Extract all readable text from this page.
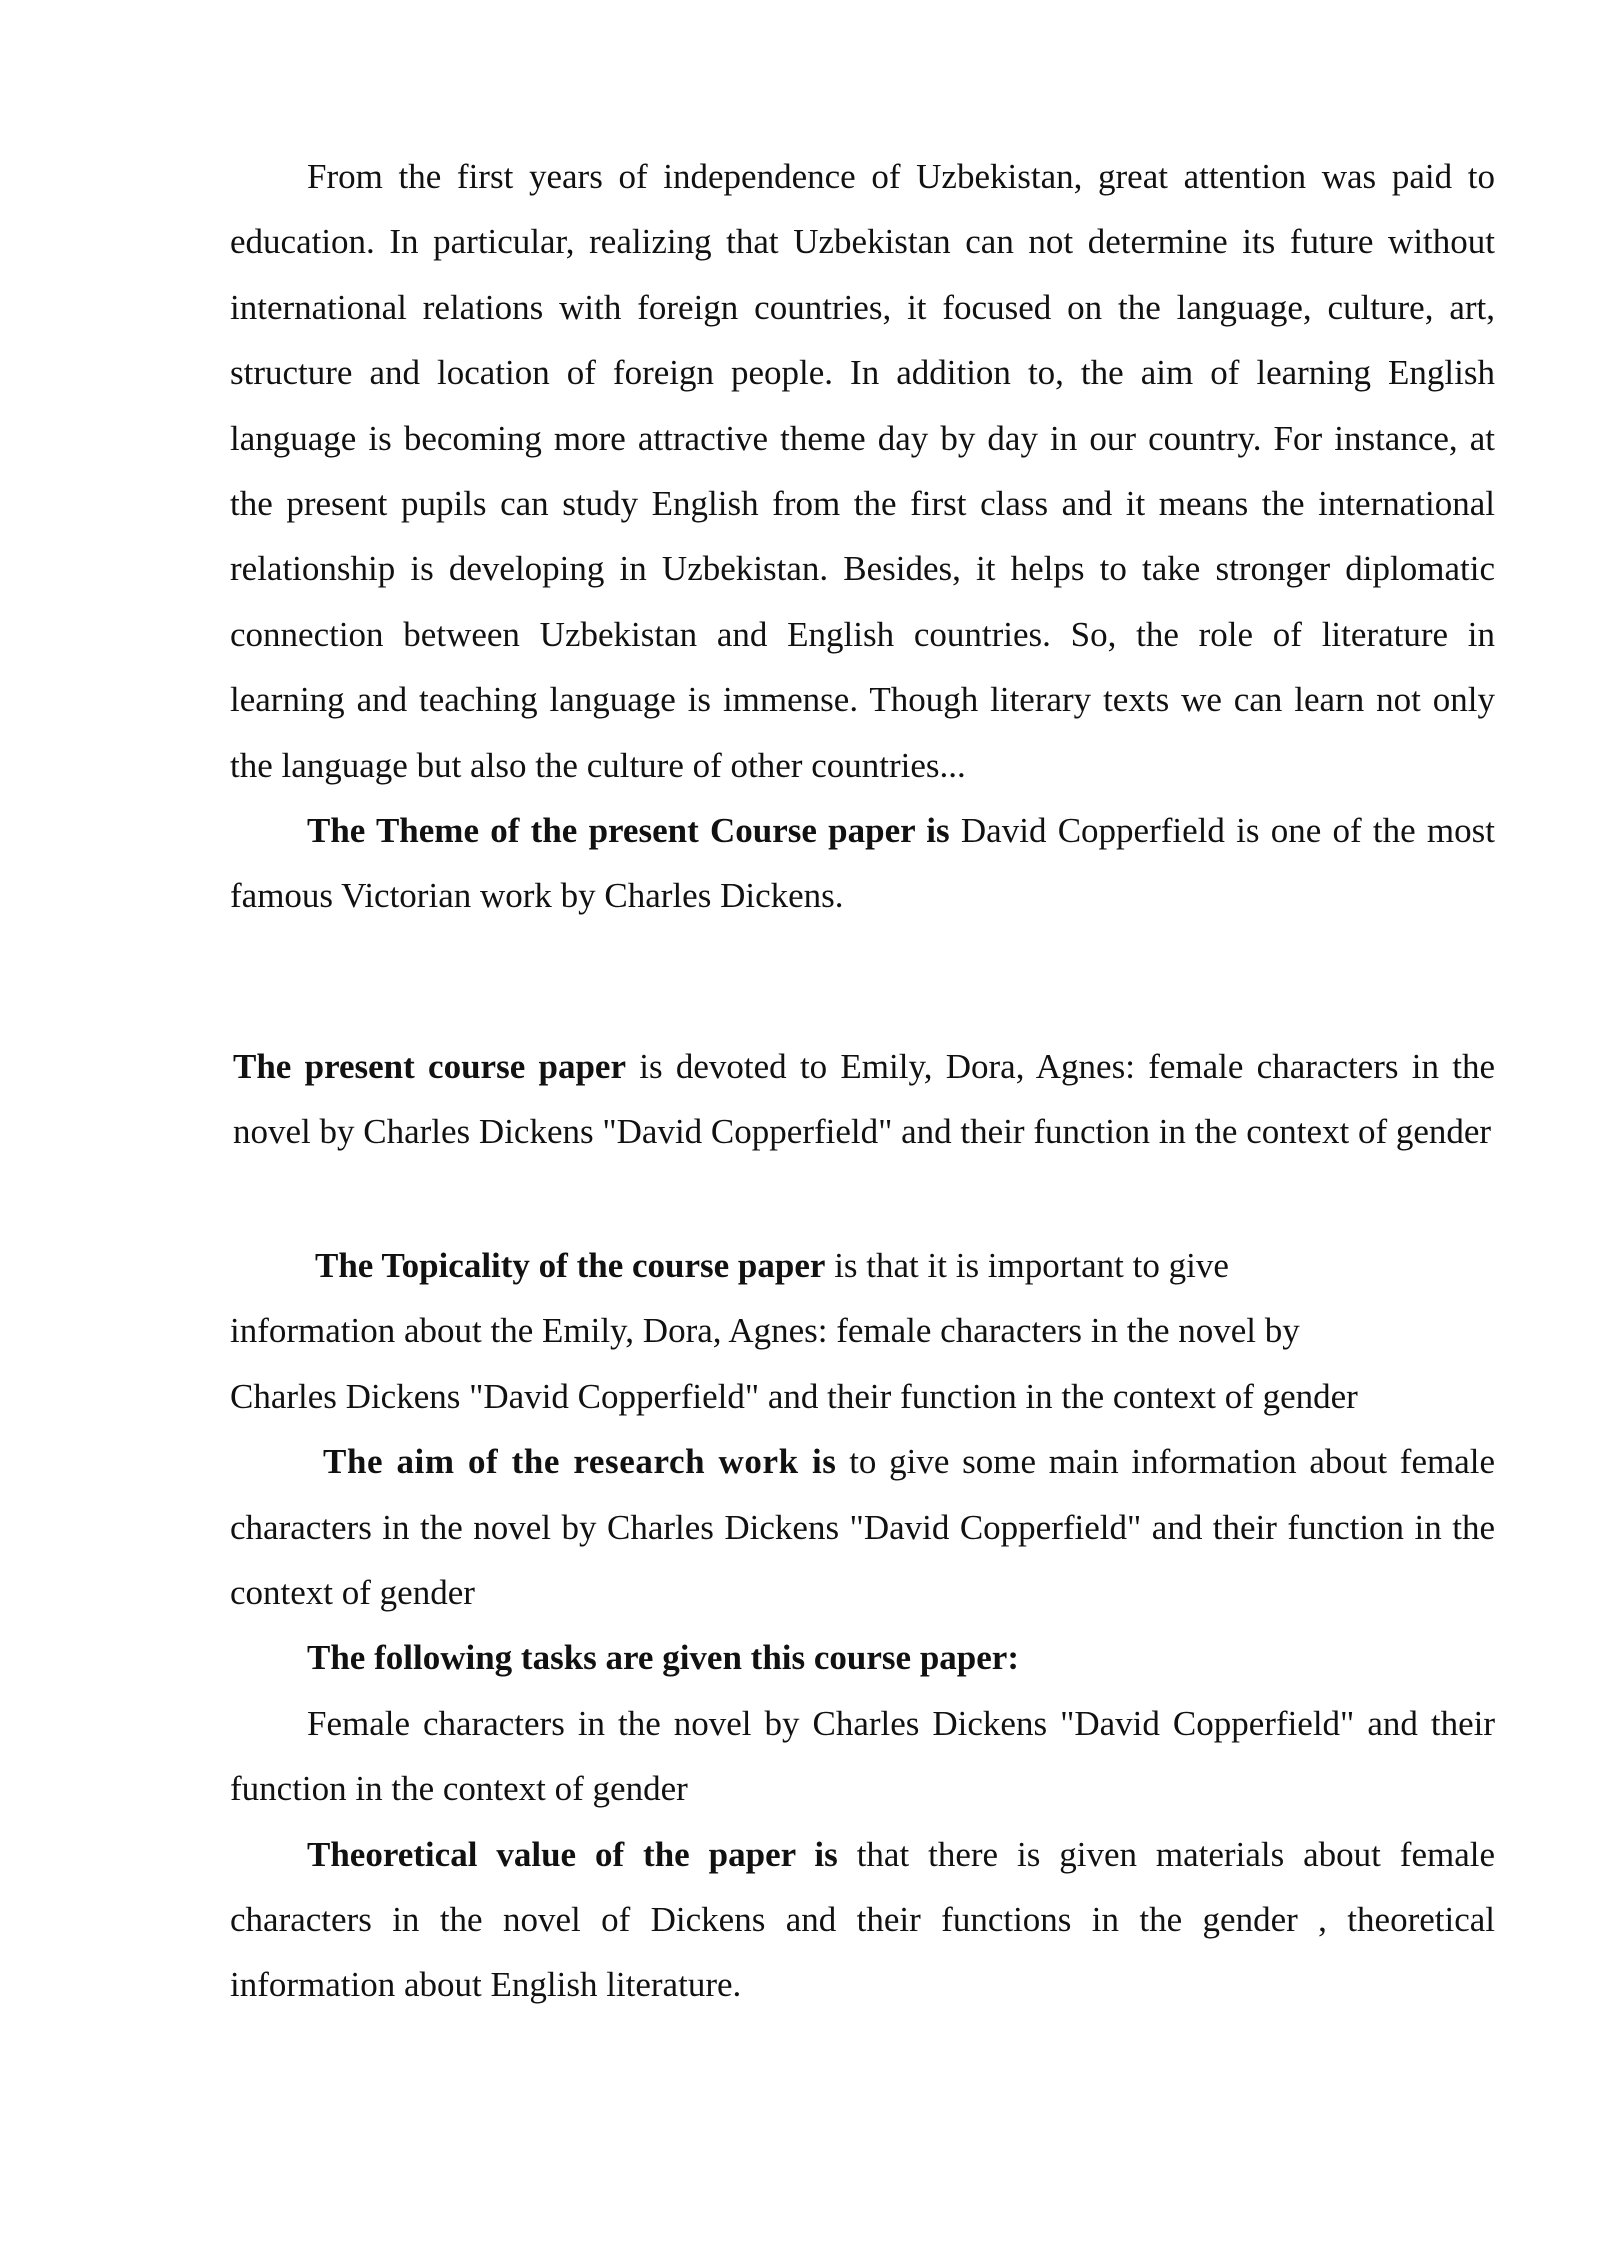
From the first years of independence of Uzbekistan, great attention was paid to education. In particular, realizing that Uzbekistan can not determine its future without international relations with foreign countries, it focused on the language, culture, art, structure and location of foreign people. In addition to, the aim of learning English language is becoming more attractive theme day by day in our country. For instance, at the present pupils can study English from the first class and it means the international relationship is developing in Uzbekistan. Besides, it helps to take stronger diplomatic connection between Uzbekistan and English countries. So, the role of literature in learning and teaching language is immense. Though literary texts we can learn not only the language but also the culture of other countries...

The Theme of the present Course paper is David Copperfield is one of the most famous Victorian work by Charles Dickens.

The present course paper is devoted to Emily, Dora, Agnes: female characters in the novel by Charles Dickens "David Copperfield" and their function in the context of gender

The Topicality of the course paper is that it is important to give
information about the Emily, Dora, Agnes: female characters in the novel by
Charles Dickens "David Copperfield" and their function in the context of gender

The aim of the research work is to give some main information about female characters in the novel by Charles Dickens "David Copperfield" and their function in the context of gender

The following tasks are given this course paper:

Female characters in the novel by Charles Dickens "David Copperfield" and their function in the context of gender

Theoretical value of the paper is that there is given materials about female characters in the novel of Dickens and their functions in the gender , theoretical information about English literature.
